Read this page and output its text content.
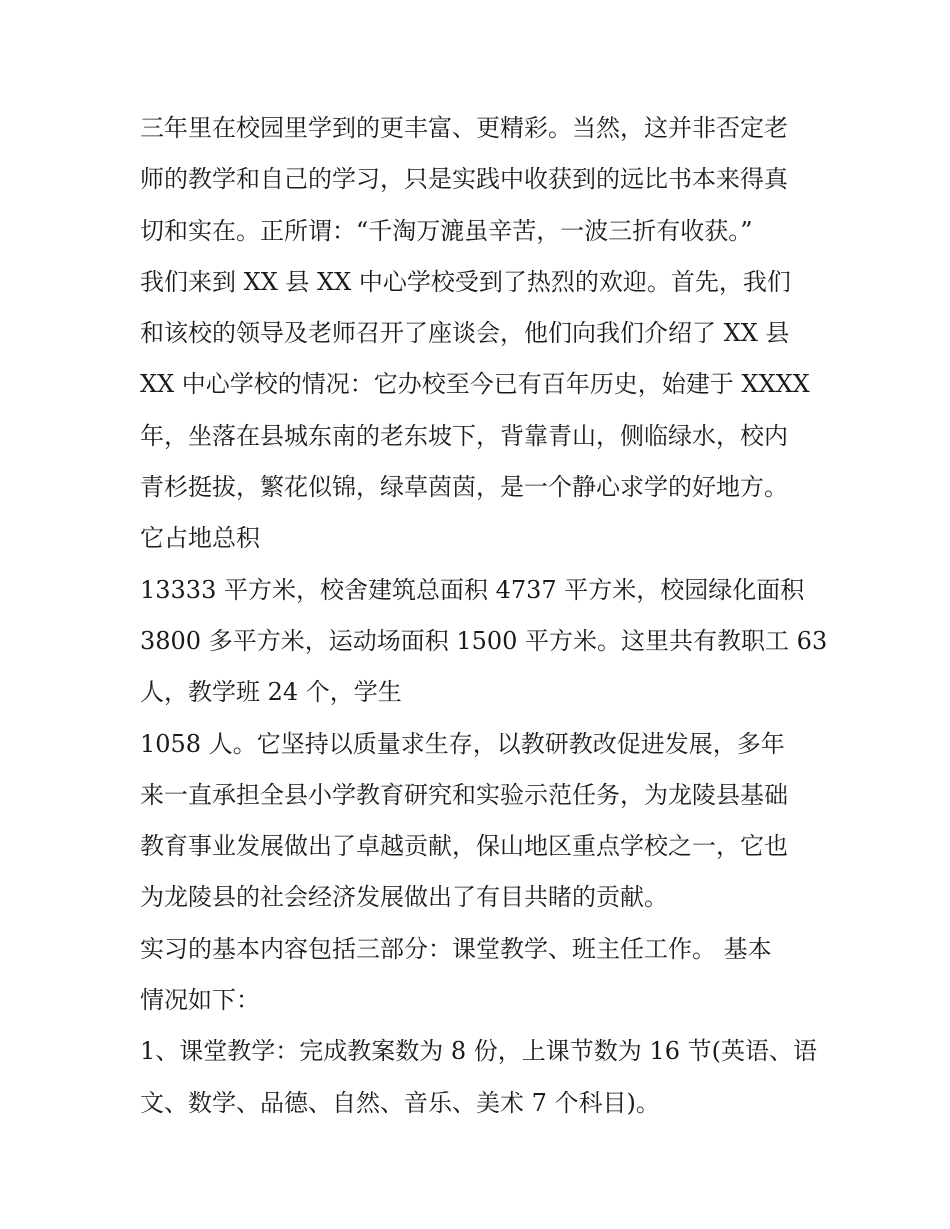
三年里在校园里学到的更丰富、更精彩。当然，这并非否定老
师的教学和自己的学习，只是实践中收获到的远比书本来得真
切和实在。正所谓：“千淘万漉虽辛苦，一波三折有收获。”
我们来到 XX 县 XX 中心学校受到了热烈的欢迎。首先，我们
和该校的领导及老师召开了座谈会，他们向我们介绍了 XX 县
XX 中心学校的情况：它办校至今已有百年历史，始建于 XXXX
年，坐落在县城东南的老东坡下，背靠青山，侧临绿水，校内
青杉挺拔，繁花似锦，绿草茵茵，是一个静心求学的好地方。
它占地总积
13333 平方米，校舍建筑总面积 4737 平方米，校园绿化面积
3800 多平方米，运动场面积 1500 平方米。这里共有教职工 63
人，教学班 24 个，学生
1058 人。它坚持以质量求生存，以教研教改促进发展，多年
来一直承担全县小学教育研究和实验示范任务，为龙陵县基础
教育事业发展做出了卓越贡献，保山地区重点学校之一，它也
为龙陵县的社会经济发展做出了有目共睹的贡献。
实习的基本内容包括三部分：课堂教学、班主任工作。 基本
情况如下：
1、课堂教学：完成教案数为 8 份，上课节数为 16 节(英语、语
文、数学、品德、自然、音乐、美术 7 个科目)。
